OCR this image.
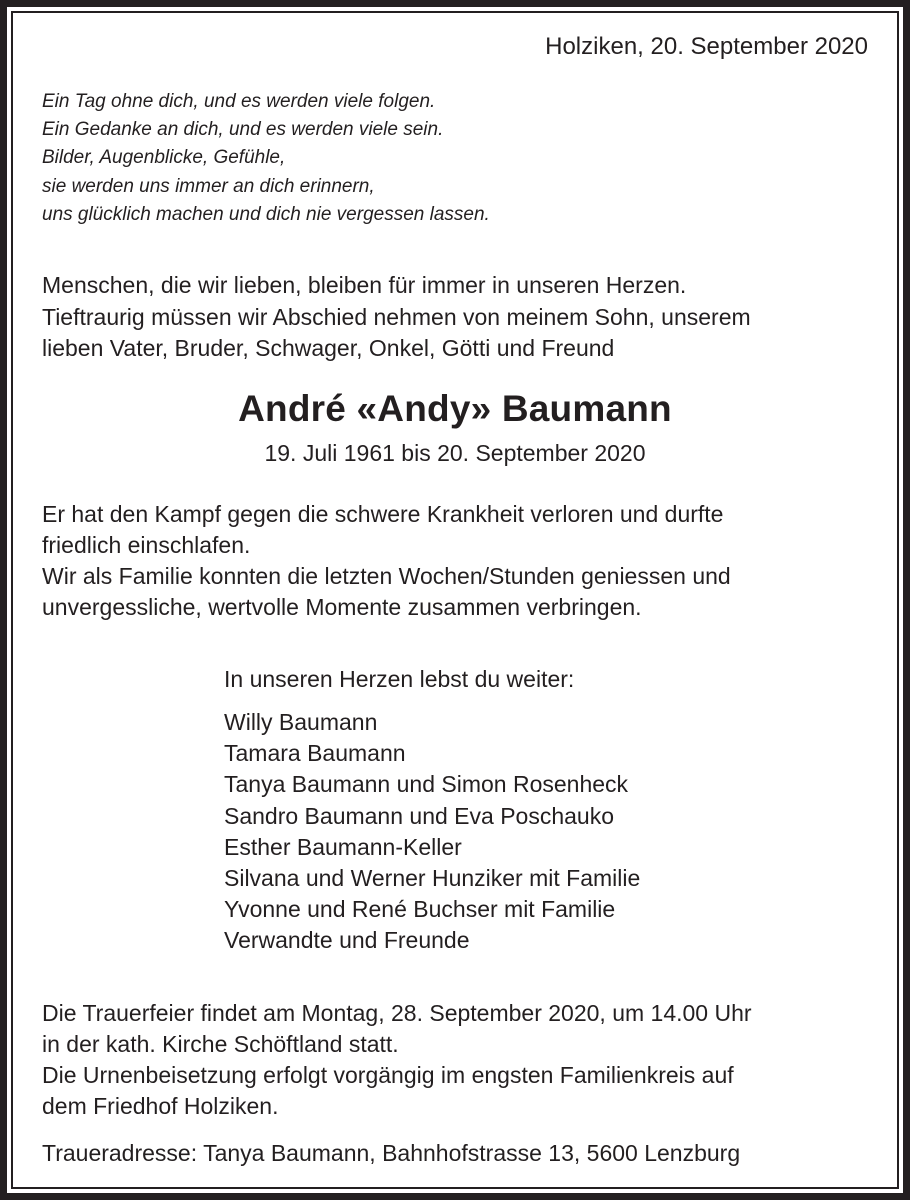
Holziken, 20. September 2020
Ein Tag ohne dich, und es werden viele folgen.
Ein Gedanke an dich, und es werden viele sein.
Bilder, Augenblicke, Gefühle,
sie werden uns immer an dich erinnern,
uns glücklich machen und dich nie vergessen lassen.
Menschen, die wir lieben, bleiben für immer in unseren Herzen.
Tieftraurig müssen wir Abschied nehmen von meinem Sohn, unserem
lieben Vater, Bruder, Schwager, Onkel, Götti und Freund
André «Andy» Baumann
19. Juli 1961 bis 20. September 2020
Er hat den Kampf gegen die schwere Krankheit verloren und durfte
friedlich einschlafen.
Wir als Familie konnten die letzten Wochen/Stunden geniessen und
unvergessliche, wertvolle Momente zusammen verbringen.
In unseren Herzen lebst du weiter:
Willy Baumann
Tamara Baumann
Tanya Baumann und Simon Rosenheck
Sandro Baumann und Eva Poschauko
Esther Baumann-Keller
Silvana und Werner Hunziker mit Familie
Yvonne und René Buchser mit Familie
Verwandte und Freunde
Die Trauerfeier findet am Montag, 28. September 2020, um 14.00 Uhr
in der kath. Kirche Schöftland statt.
Die Urnenbeisetzung erfolgt vorgängig im engsten Familienkreis auf
dem Friedhof Holziken.
Traueradresse: Tanya Baumann, Bahnhofstrasse 13, 5600 Lenzburg
